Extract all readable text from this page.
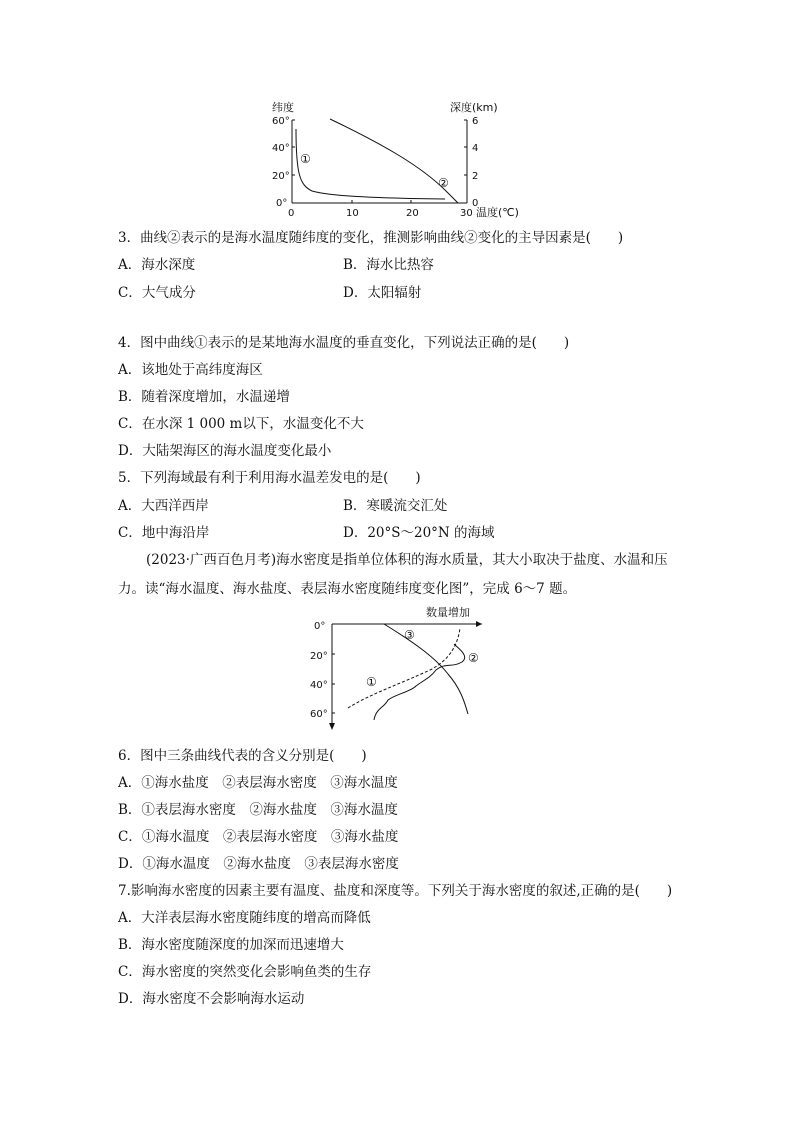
纬度	深度(km)
温度(℃)
60°
40°
20°
0°
6
4
2
0
0	10	20	30
①
②
3．曲线②表示的是海水温度随纬度的变化，推测影响曲线②变化的主导因素是(　　)
A．海水深度	B．海水比热容
C．大气成分	D．太阳辐射
4．图中曲线①表示的是某地海水温度的垂直变化，下列说法正确的是(　　)
A．该地处于高纬度海区
B．随着深度增加，水温递增
C．在水深 1 000 m以下，水温变化不大
D．大陆架海区的海水温度变化最小
5．下列海域最有利于利用海水温差发电的是(　　)
A．大西洋西岸	B．寒暖流交汇处
C．地中海沿岸	D．20°S～20°N 的海域
(2023·广西百色月考)海水密度是指单位体积的海水质量，其大小取决于盐度、水温和压
力。读“海水温度、海水盐度、表层海水密度随纬度变化图”，完成 6～7 题。
数量增加
0°
20°
40°
60°
①
②
③
6．图中三条曲线代表的含义分别是(　　)
A．①海水盐度　②表层海水密度　③海水温度
B．①表层海水密度　②海水盐度　③海水温度
C．①海水温度　②表层海水密度　③海水盐度
D．①海水温度　②海水盐度　③表层海水密度
7.影响海水密度的因素主要有温度、盐度和深度等。下列关于海水密度的叙述,正确的是(　　)
A．大洋表层海水密度随纬度的增高而降低
B．海水密度随深度的加深而迅速增大
C．海水密度的突然变化会影响鱼类的生存
D．海水密度不会影响海水运动
